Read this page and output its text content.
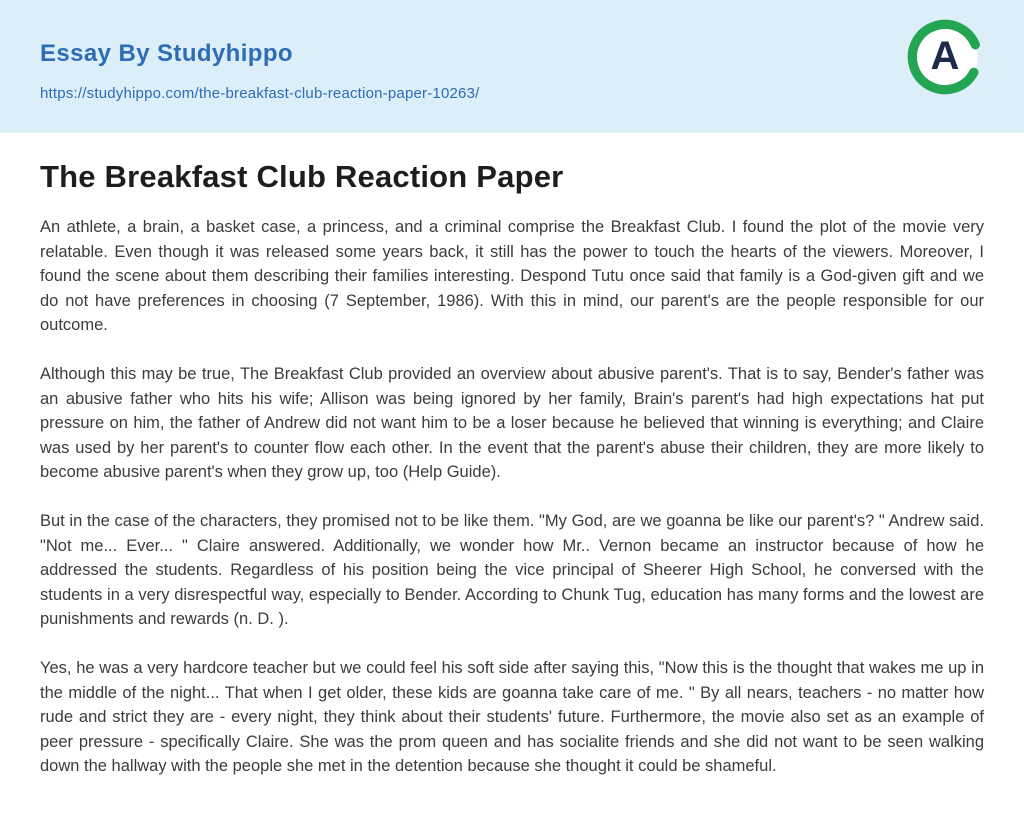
Essay By Studyhippo
https://studyhippo.com/the-breakfast-club-reaction-paper-10263/
A
The Breakfast Club Reaction Paper

An athlete, a brain, a basket case, a princess, and a criminal comprise the Breakfast Club. I found the plot of the movie very relatable. Even though it was released some years back, it still has the power to touch the hearts of the viewers. Moreover, I found the scene about them describing their families interesting. Despond Tutu once said that family is a God-given gift and we do not have preferences in choosing (7 September, 1986). With this in mind, our parent's are the people responsible for our outcome.

Although this may be true, The Breakfast Club provided an overview about abusive parent's. That is to say, Bender's father was an abusive father who hits his wife; Allison was being ignored by her family, Brain's parent's had high expectations hat put pressure on him, the father of Andrew did not want him to be a loser because he believed that winning is everything; and Claire was used by her parent's to counter flow each other. In the event that the parent's abuse their children, they are more likely to become abusive parent's when they grow up, too (Help Guide).

But in the case of the characters, they promised not to be like them. "My God, are we goanna be like our parent's? " Andrew said. "Not me... Ever... " Claire answered. Additionally, we wonder how Mr.. Vernon became an instructor because of how he addressed the students. Regardless of his position being the vice principal of Sheerer High School, he conversed with the students in a very disrespectful way, especially to Bender. According to Chunk Tug, education has many forms and the lowest are punishments and rewards (n. D. ).

Yes, he was a very hardcore teacher but we could feel his soft side after saying this, "Now this is the thought that wakes me up in the middle of the night... That when I get older, these kids are goanna take care of me. " By all nears, teachers - no matter how rude and strict they are - every night, they think about their students' future. Furthermore, the movie also set as an example of peer pressure - specifically Claire. She was the prom queen and has socialite friends and she did not want to be seen walking down the hallway with the people she met in the detention because she thought it could be shameful.
